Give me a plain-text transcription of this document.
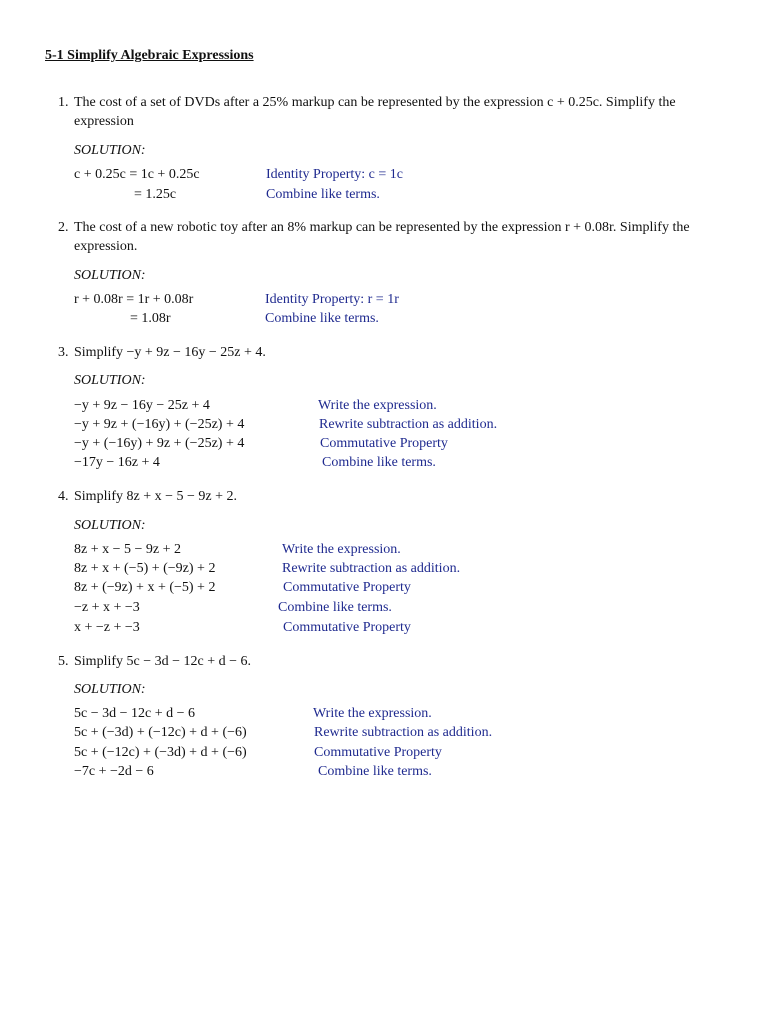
5-1 Simplify Algebraic Expressions
1. The cost of a set of DVDs after a 25% markup can be represented by the expression c + 0.25c. Simplify the expression
SOLUTION:
c + 0.25c = 1c + 0.25c	Identity Property: c = 1c
= 1.25c	Combine like terms.
2. The cost of a new robotic toy after an 8% markup can be represented by the expression r + 0.08r. Simplify the expression.
SOLUTION:
r + 0.08r = 1r + 0.08r	Identity Property: r = 1r
= 1.08r	Combine like terms.
3. Simplify −y + 9z − 16y − 25z + 4.
SOLUTION:
−y + 9z − 16y − 25z + 4	Write the expression.
−y + 9z + (−16y) + (−25z) + 4	Rewrite subtraction as addition.
−y + (−16y) + 9z + (−25z) + 4	Commutative Property
−17y − 16z + 4	Combine like terms.
4. Simplify 8z + x − 5 − 9z + 2.
SOLUTION:
8z + x − 5 − 9z + 2	Write the expression.
8z + x + (−5) + (−9z) + 2	Rewrite subtraction as addition.
8z + (−9z) + x + (−5) + 2	Commutative Property
−z + x + −3	Combine like terms.
x + −z + −3	Commutative Property
5. Simplify 5c − 3d − 12c + d − 6.
SOLUTION:
5c − 3d − 12c + d − 6	Write the expression.
5c + (−3d) + (−12c) + d + (−6)	Rewrite subtraction as addition.
5c + (−12c) + (−3d) + d + (−6)	Commutative Property
−7c + −2d − 6	Combine like terms.
